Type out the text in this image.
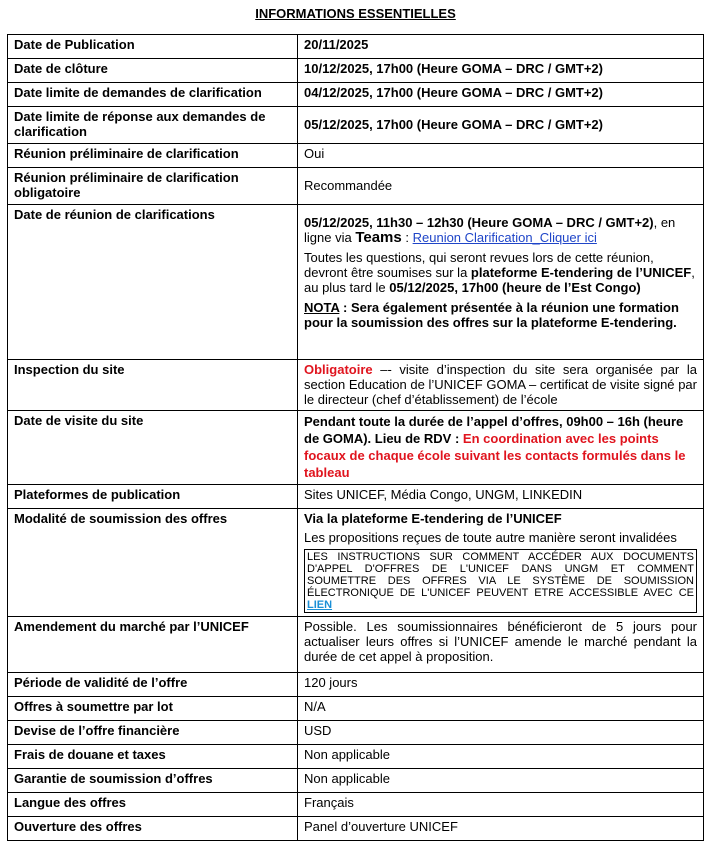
INFORMATIONS ESSENTIELLES
Date de Publication	20/11/2025
Date de clôture	10/12/2025, 17h00 (Heure GOMA – DRC / GMT+2)
Date limite de demandes de clarification	04/12/2025, 17h00 (Heure GOMA – DRC / GMT+2)
Date limite de réponse aux demandes de clarification	05/12/2025, 17h00 (Heure GOMA – DRC / GMT+2)
Réunion préliminaire de clarification	Oui
Réunion préliminaire de clarification obligatoire	Recommandée
Date de réunion de clarifications	05/12/2025, 11h30 – 12h30 (Heure GOMA – DRC / GMT+2), en ligne via Teams : Reunion Clarification_Cliquer ici

Toutes les questions, qui seront revues lors de cette réunion, devront être soumises sur la plateforme E-tendering de l’UNICEF, au plus tard le 05/12/2025, 17h00 (heure de l’Est Congo)

NOTA : Sera également présentée à la réunion une formation pour la soumission des offres sur la plateforme E-tendering.

Inspection du site	Obligatoire –- visite d’inspection du site sera organisée par la section Education de l’UNICEF GOMA – certificat de visite signé par le directeur (chef d’établissement) de l’école
Date de visite du site	Pendant toute la durée de l’appel d’offres, 09h00 – 16h (heure de GOMA). Lieu de RDV : En coordination avec les points focaux de chaque école suivant les contacts formulés dans le tableau
Plateformes de publication	Sites UNICEF, Média Congo, UNGM, LINKEDIN
Modalité de soumission des offres	Via la plateforme E-tendering de l’UNICEF

Les propositions reçues de toute autre manière seront invalidées

LES INSTRUCTIONS SUR COMMENT ACCÉDER AUX DOCUMENTS D'APPEL D'OFFRES DE L'UNICEF DANS UNGM ET COMMENT SOUMETTRE DES OFFRES VIA LE SYSTÈME DE SOUMISSION ÉLECTRONIQUE DE L'UNICEF PEUVENT ETRE ACCESSIBLE AVEC CE LIEN

Amendement du marché par l’UNICEF	Possible. Les soumissionnaires bénéficieront de 5 jours pour actualiser leurs offres si l’UNICEF amende le marché pendant la durée de cet appel à proposition.
Période de validité de l’offre	120 jours
Offres à soumettre par lot	N/A
Devise de l’offre financière	USD
Frais de douane et taxes	Non applicable
Garantie de soumission d’offres	Non applicable
Langue des offres	Français
Ouverture des offres	Panel d’ouverture UNICEF
